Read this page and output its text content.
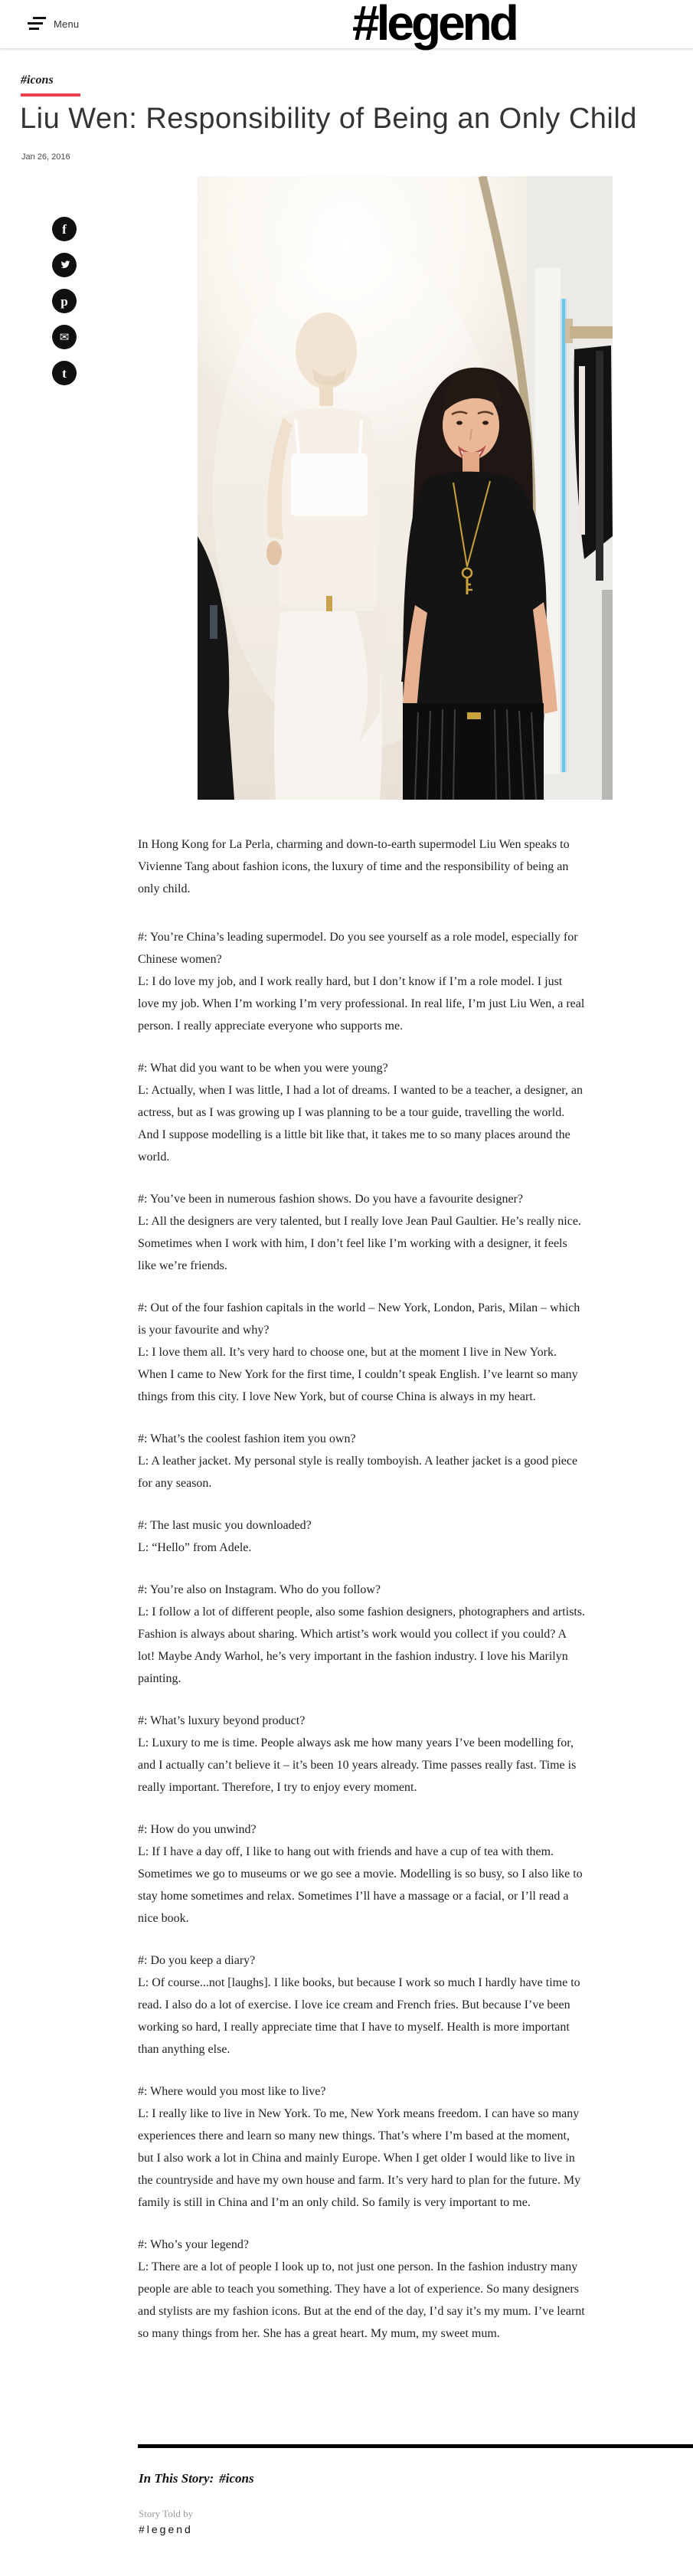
Menu	#legend
#icons
Liu Wen: Responsibility of Being an Only Child
Jan 26, 2016
f
p
✉
t

In Hong Kong for La Perla, charming and down-to-earth supermodel Liu Wen speaks to Vivienne Tang about fashion icons, the luxury of time and the responsibility of being an only child.

#: You’re China’s leading supermodel. Do you see yourself as a role model, especially for Chinese women?
L: I do love my job, and I work really hard, but I don’t know if I’m a role model. I just love my job. When I’m working I’m very professional. In real life, I’m just Liu Wen, a real person. I really appreciate everyone who supports me.
#: What did you want to be when you were young?
L: Actually, when I was little, I had a lot of dreams. I wanted to be a teacher, a designer, an actress, but as I was growing up I was planning to be a tour guide, travelling the world. And I suppose modelling is a little bit like that, it takes me to so many places around the world.
#: You’ve been in numerous fashion shows. Do you have a favourite designer?
L: All the designers are very talented, but I really love Jean Paul Gaultier. He’s really nice. Sometimes when I work with him, I don’t feel like I’m working with a designer, it feels like we’re friends.
#: Out of the four fashion capitals in the world – New York, London, Paris, Milan – which is your favourite and why?
L: I love them all. It’s very hard to choose one, but at the moment I live in New York. When I came to New York for the first time, I couldn’t speak English. I’ve learnt so many things from this city. I love New York, but of course China is always in my heart.
#: What’s the coolest fashion item you own?
L: A leather jacket. My personal style is really tomboyish. A leather jacket is a good piece for any season.
#: The last music you downloaded?
L: “Hello” from Adele.
#: You’re also on Instagram. Who do you follow?
L: I follow a lot of different people, also some fashion designers, photographers and artists. Fashion is always about sharing. Which artist’s work would you collect if you could? A lot! Maybe Andy Warhol, he’s very important in the fashion industry. I love his Marilyn painting.
#: What’s luxury beyond product?
L: Luxury to me is time. People always ask me how many years I’ve been modelling for, and I actually can’t believe it – it’s been 10 years already. Time passes really fast. Time is really important. Therefore, I try to enjoy every moment.
#: How do you unwind?
L: If I have a day off, I like to hang out with friends and have a cup of tea with them. Sometimes we go to museums or we go see a movie. Modelling is so busy, so I also like to stay home sometimes and relax. Sometimes I’ll have a massage or a facial, or I’ll read a nice book.
#: Do you keep a diary?
L: Of course...not [laughs]. I like books, but because I work so much I hardly have time to read. I also do a lot of exercise. I love ice cream and French fries. But because I’ve been working so hard, I really appreciate time that I have to myself. Health is more important than anything else.
#: Where would you most like to live?
L: I really like to live in New York. To me, New York means freedom. I can have so many experiences there and learn so many new things. That’s where I’m based at the moment, but I also work a lot in China and mainly Europe. When I get older I would like to live in the countryside and have my own house and farm. It’s very hard to plan for the future. My family is still in China and I’m an only child. So family is very important to me.
#: Who’s your legend?
L: There are a lot of people I look up to, not just one person. In the fashion industry many people are able to teach you something. They have a lot of experience. So many designers and stylists are my fashion icons. But at the end of the day, I’d say it’s my mum. I’ve learnt so many things from her. She has a great heart. My mum, my sweet mum.
In This Story: #icons
Story Told by
#legend
